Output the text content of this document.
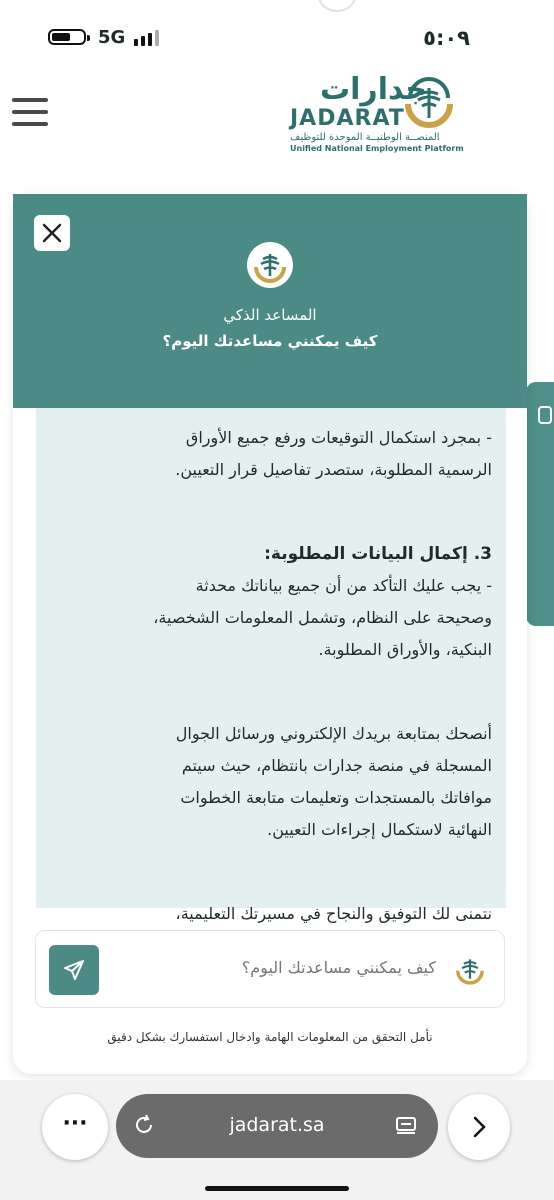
5G	٥:٠٩
جدارات
JADARAT
المنصــة الوطنيــة الموحدة للتوظيف
Unified National Employment Platform
المساعد الذكي
كيف يمكنني مساعدتك اليوم؟

- بمجرد استكمال التوقيعات ورفع جميع الأوراق

الرسمية المطلوبة، ستصدر تفاصيل قرار التعيين.

3. إكمال البيانات المطلوبة:

- يجب عليك التأكد من أن جميع بياناتك محدثة

وصحيحة على النظام، وتشمل المعلومات الشخصية،

البنكية، والأوراق المطلوبة.

أنصحك بمتابعة بريدك الإلكتروني ورسائل الجوال

المسجلة في منصة جدارات بانتظام، حيث سيتم

موافاتك بالمستجدات وتعليمات متابعة الخطوات

النهائية لاستكمال إجراءات التعيين.

نتمنى لك التوفيق والنجاح في مسيرتك التعليمية،

كيف يمكنني مساعدتك اليوم؟
نأمل التحقق من المعلومات الهامة وادخال استفسارك بشكل دقيق
···	jadarat.sa
